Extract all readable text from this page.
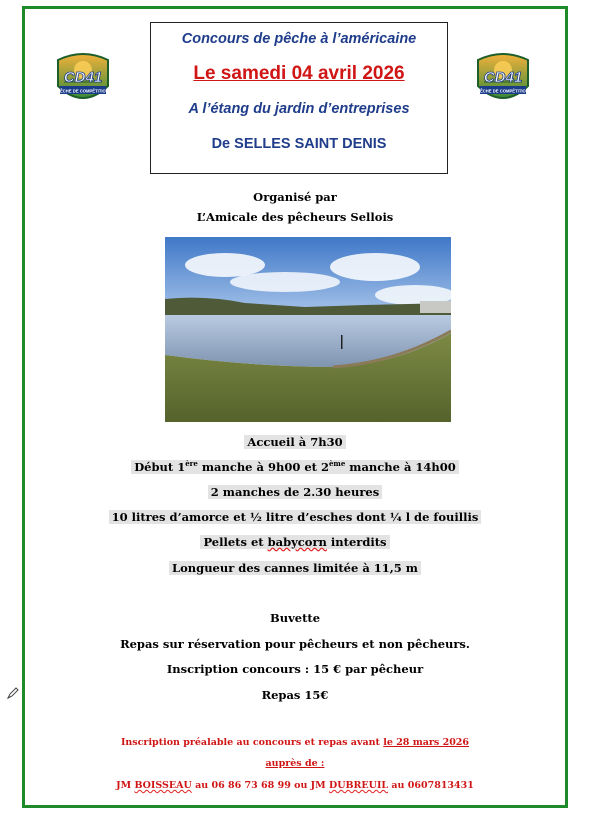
CD41
PÊCHE DE COMPÉTITION
CD41
PÊCHE DE COMPÉTITION
Concours de pêche à l’américaine
Le samedi 04 avril 2026
A l’étang du jardin d’entreprises
De SELLES SAINT DENIS
Organisé par
L’Amicale des pêcheurs Sellois
Accueil à 7h30
Début 1ère manche à 9h00 et 2ème manche à 14h00
2 manches de 2.30 heures
10 litres d’amorce et ½ litre d’esches dont ¼ l de fouillis
Pellets et babycorn interdits
Longueur des cannes limitée à 11,5 m
Buvette
Repas sur réservation pour pêcheurs et non pêcheurs.
Inscription concours : 15 € par pêcheur
Repas 15€
Inscription préalable au concours et repas avant le 28 mars 2026
auprès de :
JM BOISSEAU au 06 86 73 68 99 ou JM DUBREUIL au 0607813431
